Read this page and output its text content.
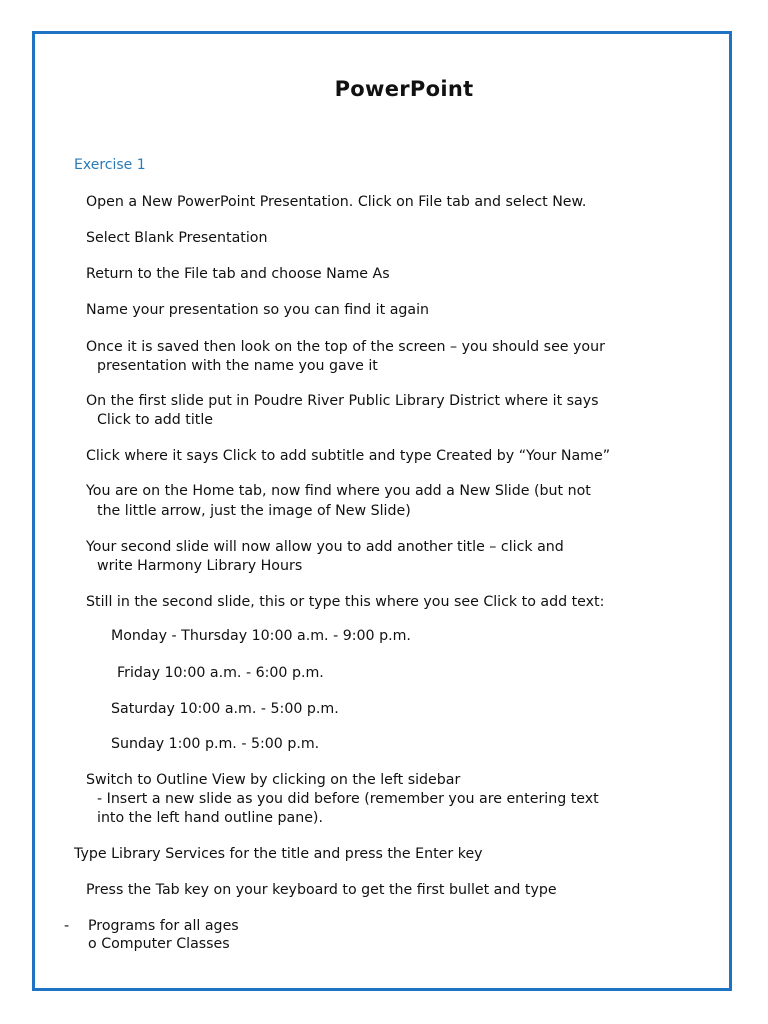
PowerPoint
Exercise 1

Open a New PowerPoint Presentation. Click on File tab and select New.

Select Blank Presentation

Return to the File tab and choose Name As

Name your presentation so you can find it again

Once it is saved then look on the top of the screen – you should see your

presentation with the name you gave it

On the first slide put in Poudre River Public Library District where it says

Click to add title

Click where it says Click to add subtitle and type Created by “Your Name”

You are on the Home tab, now find where you add a New Slide (but not

the little arrow, just the image of New Slide)

Your second slide will now allow you to add another title – click and

write Harmony Library Hours

Still in the second slide, this or type this where you see Click to add text:

Monday - Thursday 10:00 a.m. - 9:00 p.m.

Friday 10:00 a.m. - 6:00 p.m.

Saturday 10:00 a.m. - 5:00 p.m.

Sunday 1:00 p.m. - 5:00 p.m.

Switch to Outline View by clicking on the left sidebar

- Insert a new slide as you did before (remember you are entering text

into the left hand outline pane).

Type Library Services for the title and press the Enter key

Press the Tab key on your keyboard to get the first bullet and type

- Programs for all ages

o Computer Classes
